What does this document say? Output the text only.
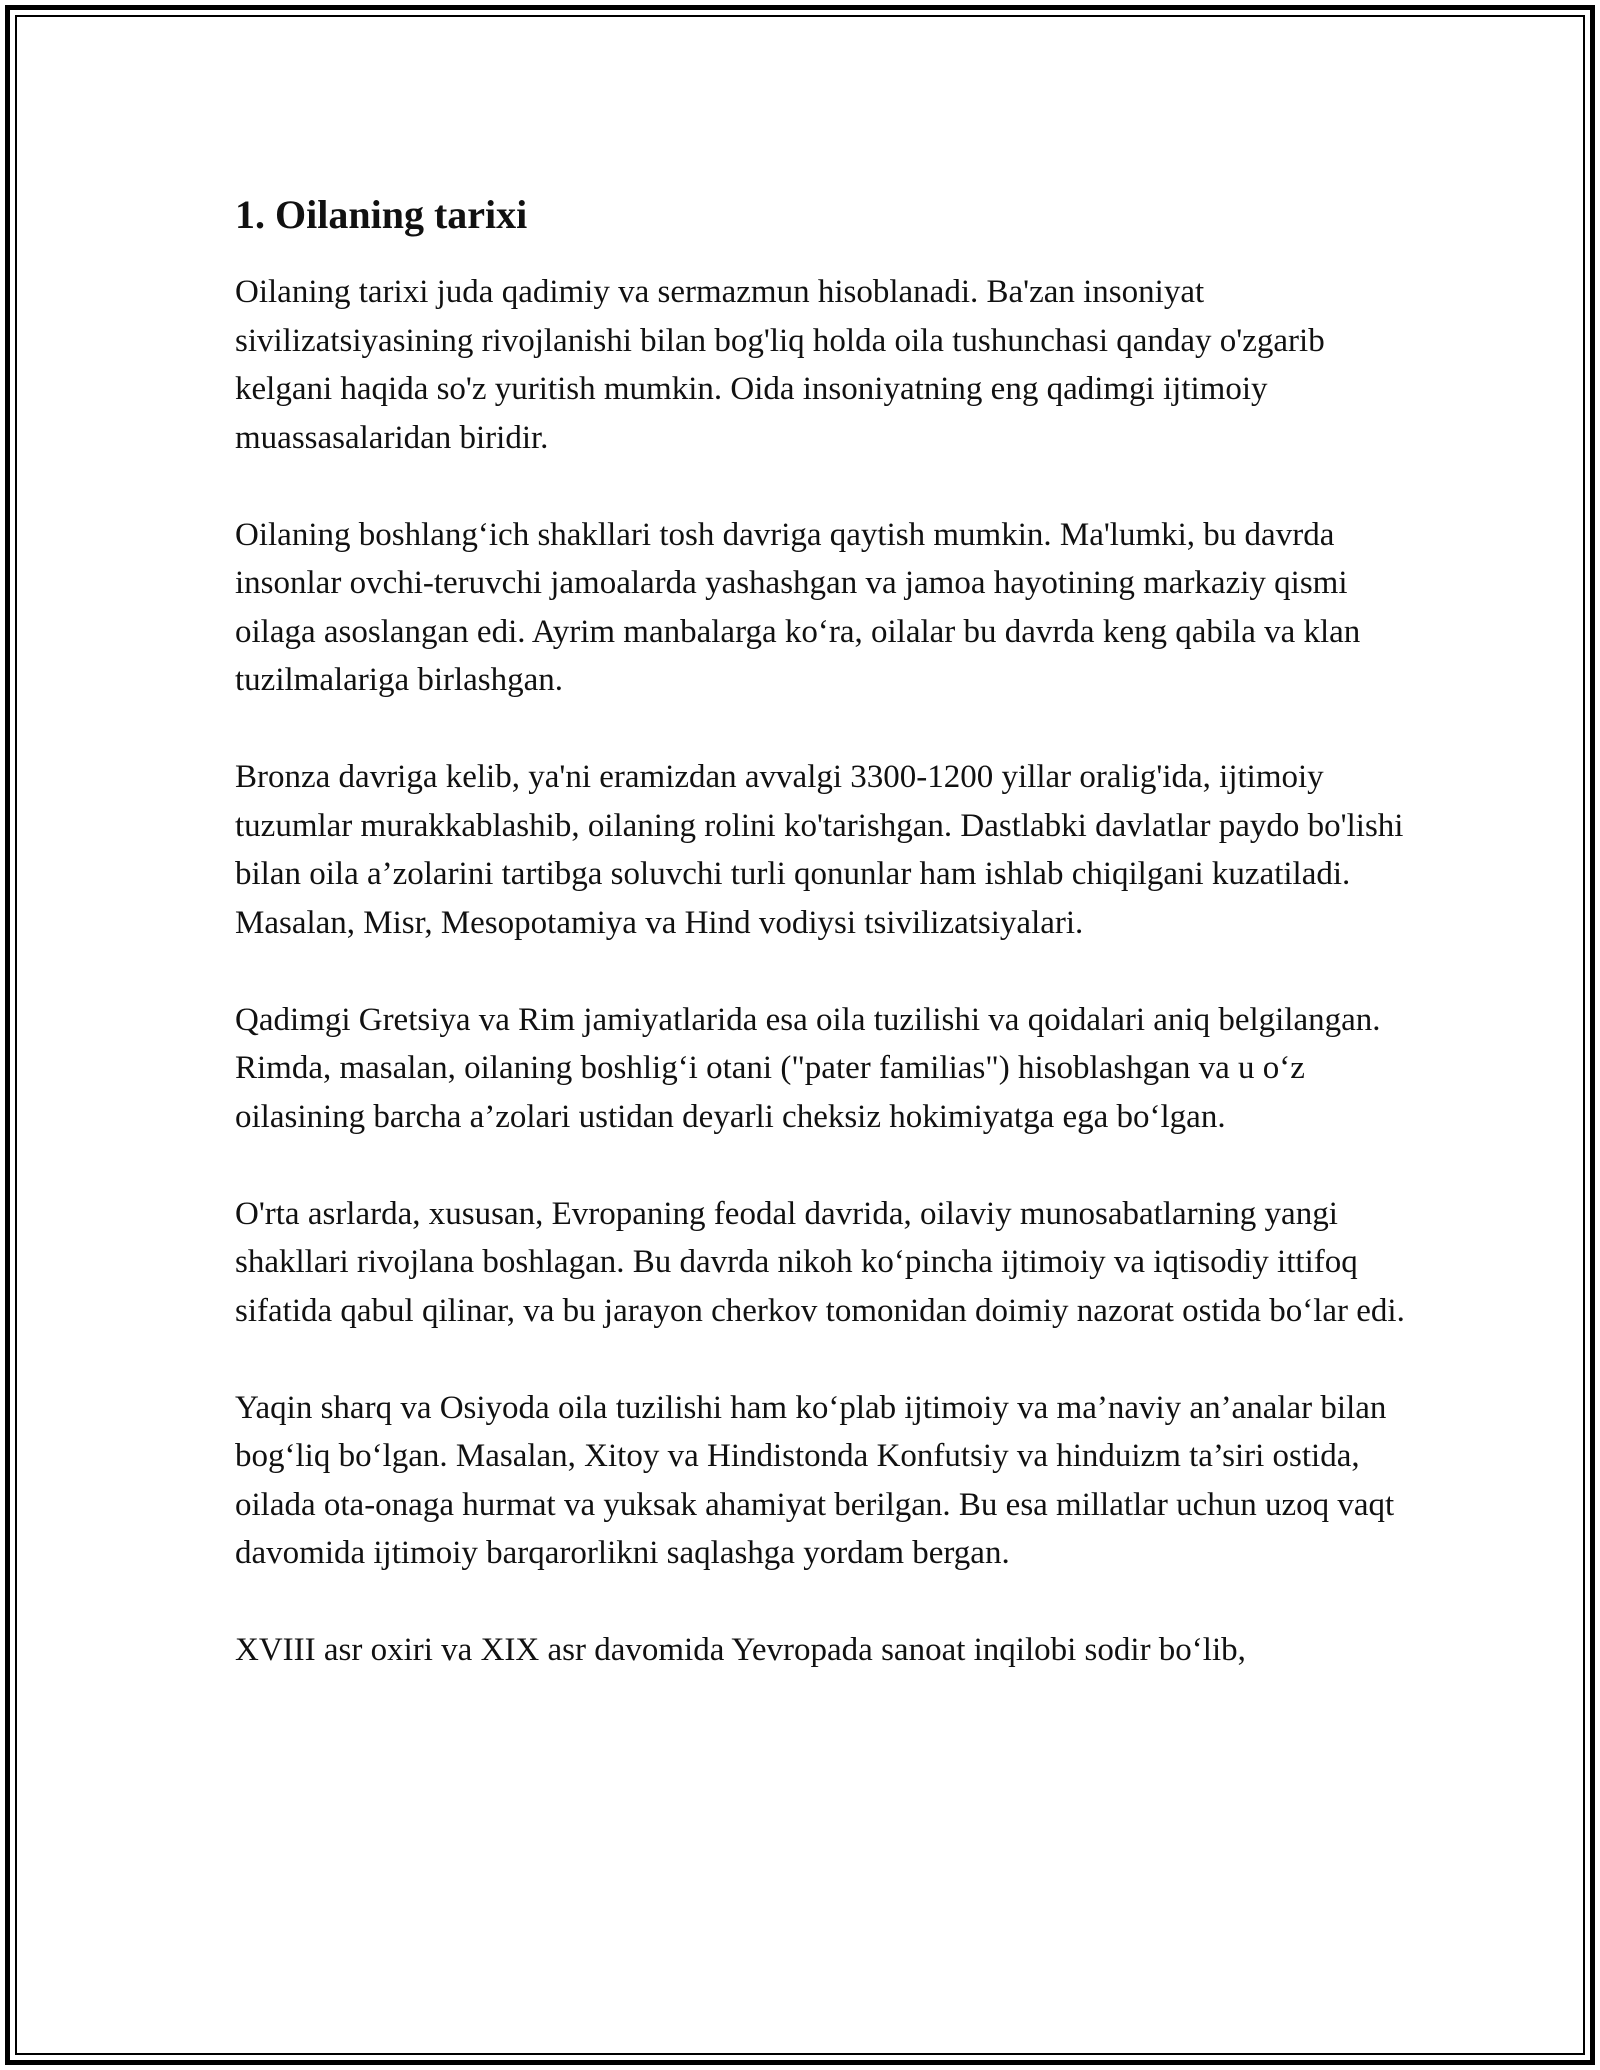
1. Oilaning tarixi

Oilaning tarixi juda qadimiy va sermazmun hisoblanadi. Ba'zan insoniyat sivilizatsiyasining rivojlanishi bilan bog'liq holda oila tushunchasi qanday o'zgarib kelgani haqida so'z yuritish mumkin. Oida insoniyatning eng qadimgi ijtimoiy muassasalaridan biridir.

Oilaning boshlang‘ich shakllari tosh davriga qaytish mumkin. Ma'lumki, bu davrda insonlar ovchi-teruvchi jamoalarda yashashgan va jamoa hayotining markaziy qismi oilaga asoslangan edi. Ayrim manbalarga ko‘ra, oilalar bu davrda keng qabila va klan tuzilmalariga birlashgan.

Bronza davriga kelib, ya'ni eramizdan avvalgi 3300-1200 yillar oralig'ida, ijtimoiy tuzumlar murakkablashib, oilaning rolini ko'tarishgan. Dastlabki davlatlar paydo bo'lishi bilan oila a’zolarini tartibga soluvchi turli qonunlar ham ishlab chiqilgani kuzatiladi. Masalan, Misr, Mesopotamiya va Hind vodiysi tsivilizatsiyalari.

Qadimgi Gretsiya va Rim jamiyatlarida esa oila tuzilishi va qoidalari aniq belgilangan. Rimda, masalan, oilaning boshlig‘i otani ("pater familias") hisoblashgan va u o‘z oilasining barcha a’zolari ustidan deyarli cheksiz hokimiyatga ega bo‘lgan.

O'rta asrlarda, xususan, Evropaning feodal davrida, oilaviy munosabatlarning yangi shakllari rivojlana boshlagan. Bu davrda nikoh ko‘pincha ijtimoiy va iqtisodiy ittifoq sifatida qabul qilinar, va bu jarayon cherkov tomonidan doimiy nazorat ostida bo‘lar edi.

Yaqin sharq va Osiyoda oila tuzilishi ham ko‘plab ijtimoiy va ma’naviy an’analar bilan bog‘liq bo‘lgan. Masalan, Xitoy va Hindistonda Konfutsiy va hinduizm ta’siri ostida, oilada ota-onaga hurmat va yuksak ahamiyat berilgan. Bu esa millatlar uchun uzoq vaqt davomida ijtimoiy barqarorlikni saqlashga yordam bergan.

XVIII asr oxiri va XIX asr davomida Yevropada sanoat inqilobi sodir bo‘lib,
